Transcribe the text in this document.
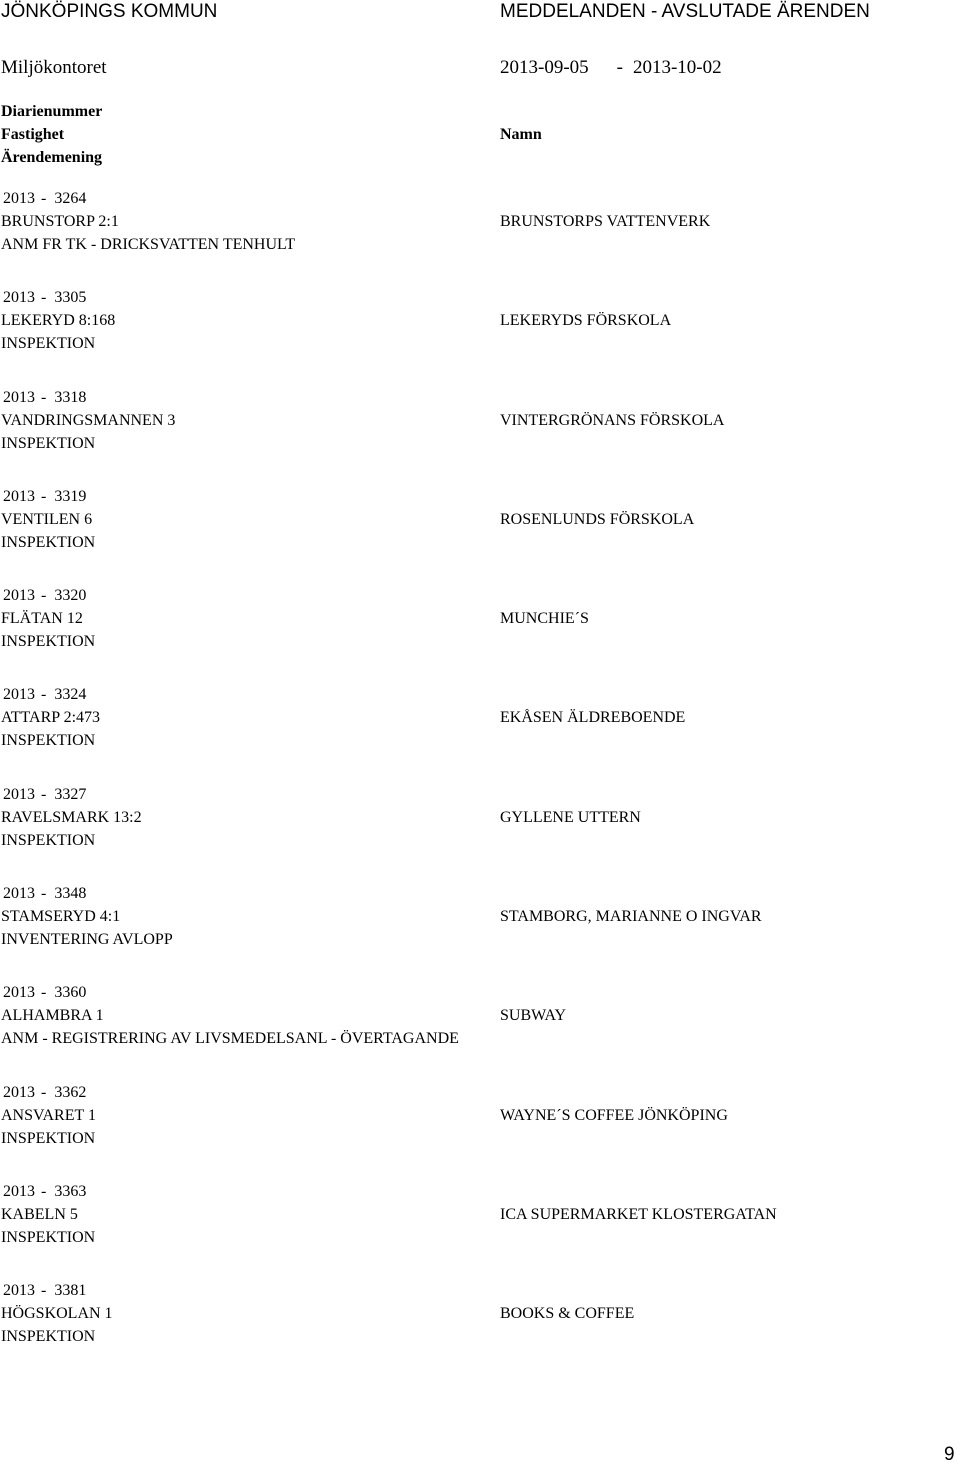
JÖNKÖPINGS KOMMUN	MEDDELANDEN - AVSLUTADE ÄRENDEN
Miljökontoret	2013-09-05 - 2013-10-02
Diarienummer
Fastighet
Ärendemening
Namn
2013 - 3264
BRUNSTORP 2:1
ANM FR TK - DRICKSVATTEN TENHULT
BRUNSTORPS VATTENVERK
2013 - 3305
LEKERYD 8:168
INSPEKTION
LEKERYDS FÖRSKOLA
2013 - 3318
VANDRINGSMANNEN 3
INSPEKTION
VINTERGRÖNANS FÖRSKOLA
2013 - 3319
VENTILEN 6
INSPEKTION
ROSENLUNDS FÖRSKOLA
2013 - 3320
FLÄTAN 12
INSPEKTION
MUNCHIE´S
2013 - 3324
ATTARP 2:473
INSPEKTION
EKÅSEN ÄLDREBOENDE
2013 - 3327
RAVELSMARK 13:2
INSPEKTION
GYLLENE UTTERN
2013 - 3348
STAMSERYD 4:1
INVENTERING AVLOPP
STAMBORG, MARIANNE O INGVAR
2013 - 3360
ALHAMBRA 1
ANM - REGISTRERING AV LIVSMEDELSANL - ÖVERTAGANDE
SUBWAY
2013 - 3362
ANSVARET 1
INSPEKTION
WAYNE´S COFFEE JÖNKÖPING
2013 - 3363
KABELN 5
INSPEKTION
ICA SUPERMARKET KLOSTERGATAN
2013 - 3381
HÖGSKOLAN 1
INSPEKTION
BOOKS & COFFEE
9
